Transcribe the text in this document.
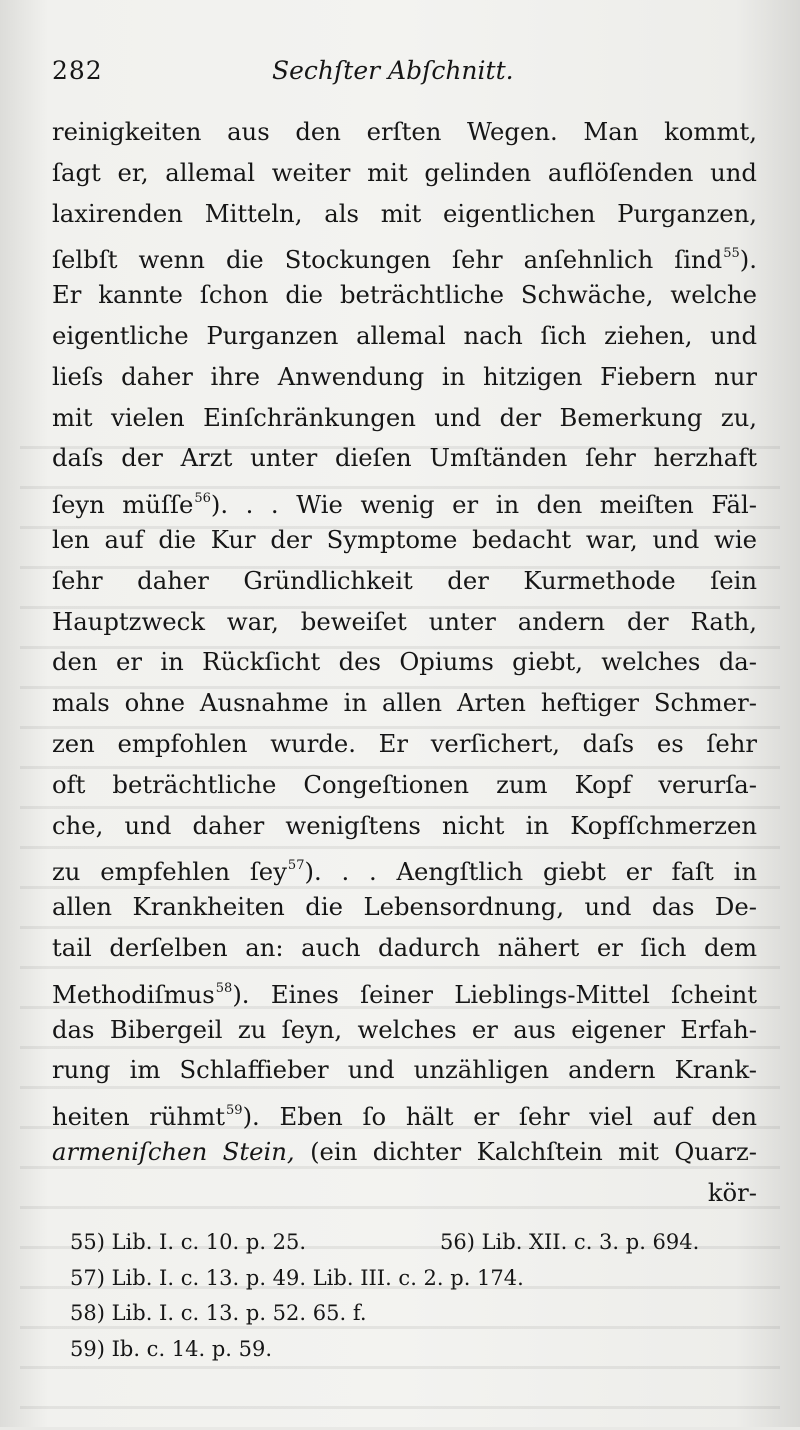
282	Sechſter Abſchnitt.
reinigkeiten aus den erſten Wegen. Man kommt,
ſagt er, allemal weiter mit gelinden auflöſenden und
laxirenden Mitteln, als mit eigentlichen Purganzen,
ſelbſt wenn die Stockungen ſehr anſehnlich ſind$^{55}$).
Er kannte ſchon die beträchtliche Schwäche, welche
eigentliche Purganzen allemal nach ſich ziehen, und
lieſs daher ihre Anwendung in hitzigen Fiebern nur
mit vielen Einſchränkungen und der Bemerkung zu,
daſs der Arzt unter dieſen Umſtänden ſehr herzhaft
ſeyn müſſe$^{56}$). . . Wie wenig er in den meiſten Fäl-
len auf die Kur der Symptome bedacht war, und wie
ſehr daher Gründlichkeit der Kurmethode ſein
Hauptzweck war, beweiſet unter andern der Rath,
den er in Rückſicht des Opiums giebt, welches da-
mals ohne Ausnahme in allen Arten heftiger Schmer-
zen empfohlen wurde. Er verſichert, daſs es ſehr
oft beträchtliche Congeſtionen zum Kopf verurſa-
che, und daher wenigſtens nicht in Kopfſchmerzen
zu empfehlen ſey$^{57}$). . . Aengſtlich giebt er faſt in
allen Krankheiten die Lebensordnung, und das De-
tail derſelben an: auch dadurch nähert er ſich dem
Methodiſmus$^{58}$). Eines ſeiner Lieblings-Mittel ſcheint
das Bibergeil zu ſeyn, welches er aus eigener Erfah-
rung im Schlaffieber und unzähligen andern Krank-
heiten rühmt$^{59}$). Eben ſo hält er ſehr viel auf den
armeniſchen Stein, (ein dichter Kalchſtein mit Quarz-
kör-
55) Lib. I. c. 10. p. 25.	56) Lib. XII. c. 3. p. 694.
57) Lib. I. c. 13. p. 49. Lib. III. c. 2. p. 174.
58) Lib. I. c. 13. p. 52. 65. f.
59) Ib. c. 14. p. 59.
